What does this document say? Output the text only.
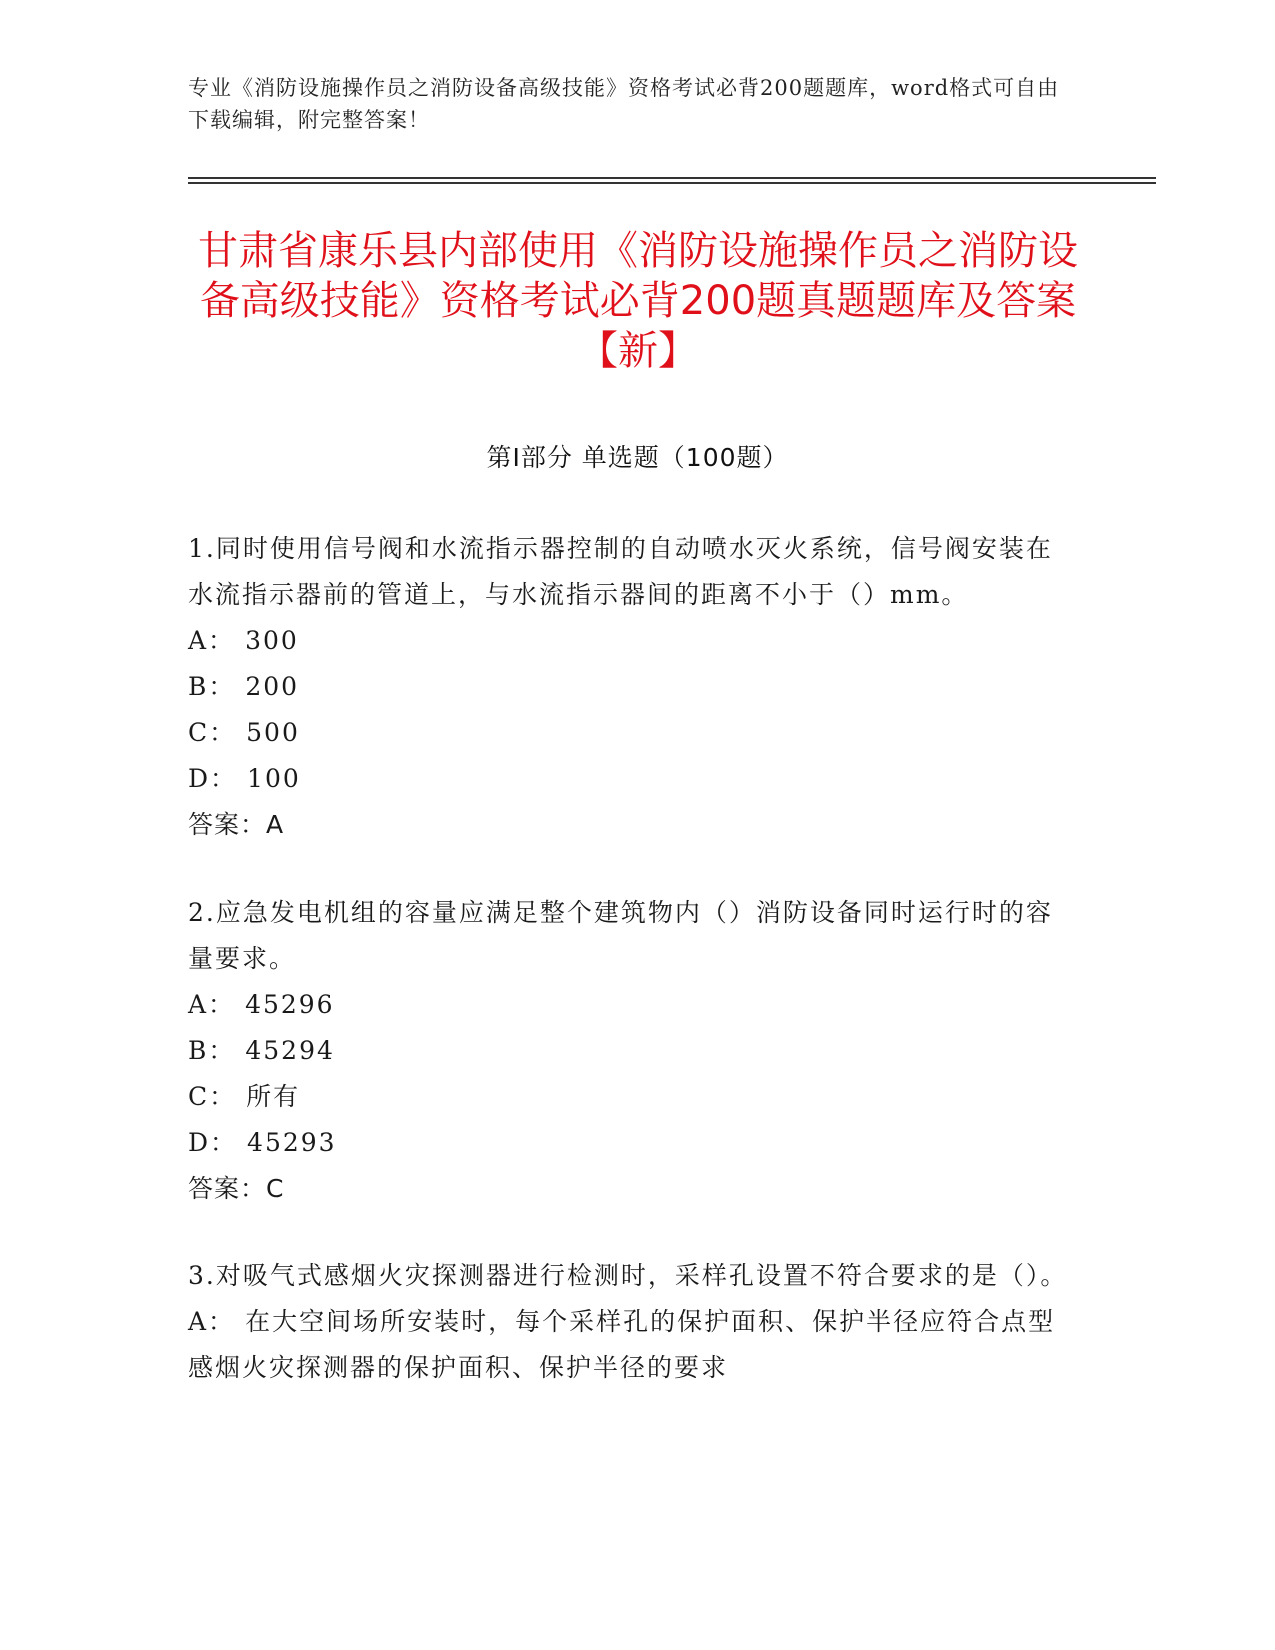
专业《消防设施操作员之消防设备高级技能》资格考试必背200题题库，word格式可自由下载编辑，附完整答案！
甘肃省康乐县内部使用《消防设施操作员之消防设备高级技能》资格考试必背200题真题题库及答案【新】
第I部分 单选题（100题）

1.同时使用信号阀和水流指示器控制的自动喷水灭火系统，信号阀安装在水流指示器前的管道上，与水流指示器间的距离不小于（）mm。

A： 300

B： 200

C： 500

D： 100

答案：A

2.应急发电机组的容量应满足整个建筑物内（）消防设备同时运行时的容量要求。

A： 45296

B： 45294

C： 所有

D： 45293

答案：C

3.对吸气式感烟火灾探测器进行检测时，采样孔设置不符合要求的是（）。

A： 在大空间场所安装时，每个采样孔的保护面积、保护半径应符合点型感烟火灾探测器的保护面积、保护半径的要求
